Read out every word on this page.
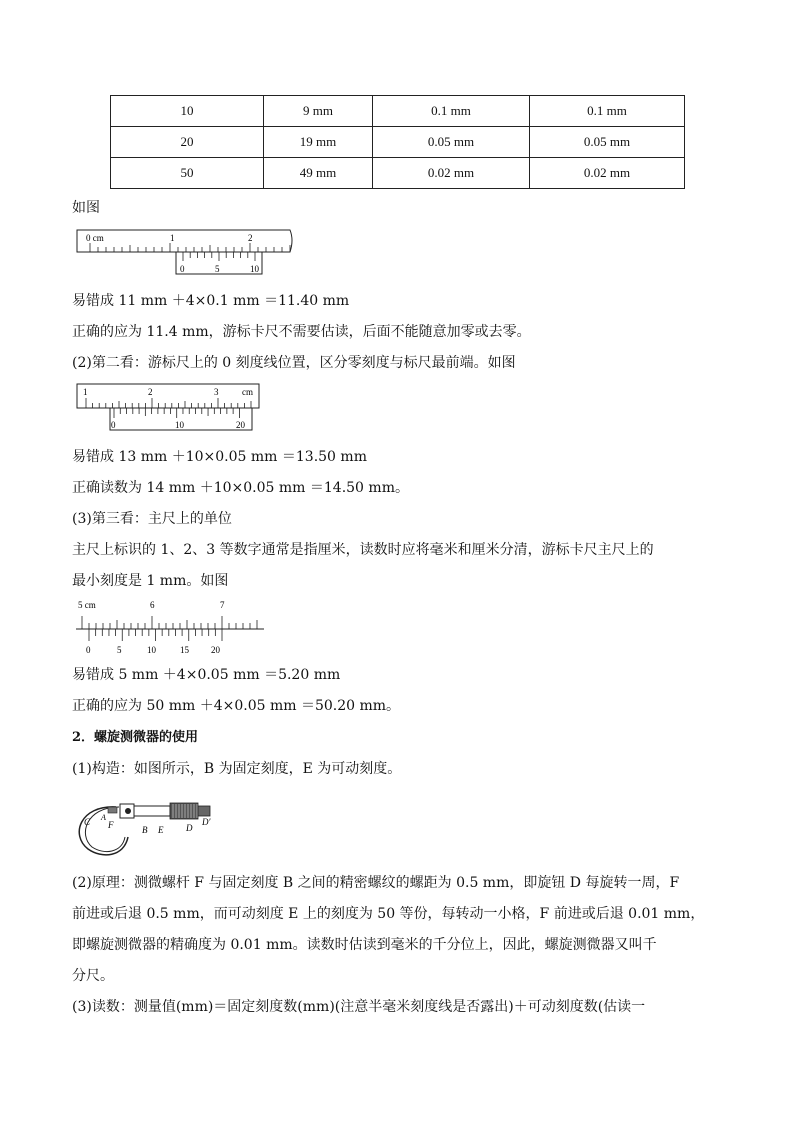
10	9 mm	0.1 mm	0.1 mm
20	19 mm	0.05 mm	0.05 mm
50	49 mm	0.02 mm	0.02 mm
如图
0 cm	1	2
0	5	10
易错成 11 mm ＋4×0.1 mm ＝11.40 mm
正确的应为 11.4 mm，游标卡尺不需要估读，后面不能随意加零或去零。
(2)第二看：游标尺上的 0 刻度线位置，区分零刻度与标尺最前端。如图
1	2	3	cm
0	10	20
易错成 13 mm ＋10×0.05 mm ＝13.50 mm
正确读数为 14 mm ＋10×0.05 mm ＝14.50 mm。
(3)第三看：主尺上的单位
主尺上标识的 1、2、3 等数字通常是指厘米，读数时应将毫米和厘米分清，游标卡尺主尺上的
最小刻度是 1 mm。如图
5 cm	6	7
0	5	10	15 20
易错成 5 mm ＋4×0.05 mm ＝5.20 mm
正确的应为 50 mm ＋4×0.05 mm ＝50.20 mm。
2．螺旋测微器的使用
(1)构造：如图所示，B 为固定刻度，E 为可动刻度。
C A
F	B E	D
D′
(2)原理：测微螺杆 F 与固定刻度 B 之间的精密螺纹的螺距为 0.5 mm，即旋钮 D 每旋转一周，F
前进或后退 0.5 mm，而可动刻度 E 上的刻度为 50 等份，每转动一小格，F 前进或后退 0.01 mm，
即螺旋测微器的精确度为 0.01 mm。读数时估读到毫米的千分位上，因此，螺旋测微器又叫千
分尺。
(3)读数：测量值(mm)＝固定刻度数(mm)(注意半毫米刻度线是否露出)＋可动刻度数(估读一
